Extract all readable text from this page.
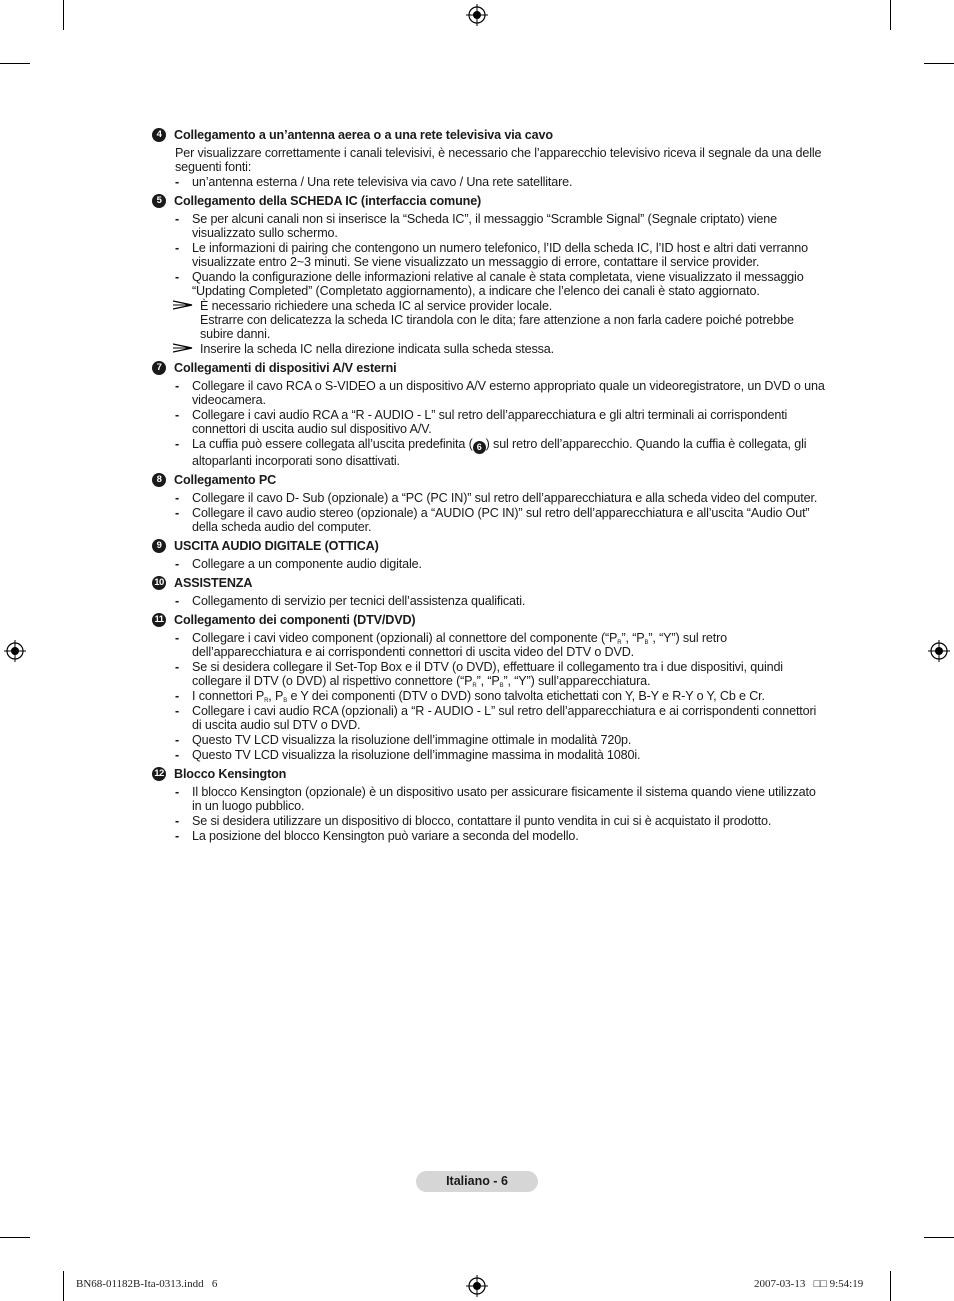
4	Collegamento a un’antenna aerea o a una rete televisiva via cavo
Per visualizzare correttamente i canali televisivi, è necessario che l’apparecchio televisivo riceva il segnale da una delle seguenti fonti:
-	un’antenna esterna / Una rete televisiva via cavo / Una rete satellitare.
5	Collegamento della SCHEDA IC (interfaccia comune)
-	Se per alcuni canali non si inserisce la “Scheda IC”, il messaggio “Scramble Signal” (Segnale criptato) viene visualizzato sullo schermo.
-	Le informazioni di pairing che contengono un numero telefonico, l’ID della scheda IC, l’ID host e altri dati verranno visualizzate entro 2~3 minuti. Se viene visualizzato un messaggio di errore, contattare il service provider.
-	Quando la configurazione delle informazioni relative al canale è stata completata, viene visualizzato il messaggio “Updating Completed” (Completato aggiornamento), a indicare che l’elenco dei canali è stato aggiornato.
È necessario richiedere una scheda IC al service provider locale.
Estrarre con delicatezza la scheda IC tirandola con le dita; fare attenzione a non farla cadere poiché potrebbe subire danni.
Inserire la scheda IC nella direzione indicata sulla scheda stessa.
7	Collegamenti di dispositivi A/V esterni
-	Collegare il cavo RCA o S-VIDEO a un dispositivo A/V esterno appropriato quale un videoregistratore, un DVD o una videocamera.
-	Collegare i cavi audio RCA a “R - AUDIO - L” sul retro dell’apparecchiatura e gli altri terminali ai corrispondenti connettori di uscita audio sul dispositivo A/V.
-	La cuffia può essere collegata all’uscita predefinita ( 6 ) sul retro dell’apparecchio. Quando la cuffia è collegata, gli altoparlanti incorporati sono disattivati.
8	Collegamento PC
-	Collegare il cavo D- Sub (opzionale) a “PC (PC IN)” sul retro dell’apparecchiatura e alla scheda video del computer.
-	Collegare il cavo audio stereo (opzionale) a “AUDIO (PC IN)” sul retro dell’apparecchiatura e all’uscita “Audio Out” della scheda audio del computer.
9	USCITA AUDIO DIGITALE (OTTICA)
-	Collegare a un componente audio digitale.
10 ASSISTENZA
-	Collegamento di servizio per tecnici dell’assistenza qualificati.
11 Collegamento dei componenti (DTV/DVD)
-	Collegare i cavi video component (opzionali) al connettore del componente (“$P_R$”, “$P_B$”, “Y”) sul retro dell’apparecchiatura e ai corrispondenti connettori di uscita video del DTV o DVD.
-	Se si desidera collegare il Set-Top Box e il DTV (o DVD), effettuare il collegamento tra i due dispositivi, quindi collegare il DTV (o DVD) al rispettivo connettore (“$P_R$”, “$P_B$”, “Y”) sull’apparecchiatura.
-	I connettori $P_R$, $P_B$ e Y dei componenti (DTV o DVD) sono talvolta etichettati con Y, B-Y e R-Y o Y, Cb e Cr.
-	Collegare i cavi audio RCA (opzionali) a “R - AUDIO - L” sul retro dell’apparecchiatura e ai corrispondenti connettori di uscita audio sul DTV o DVD.
-	Questo TV LCD visualizza la risoluzione dell’immagine ottimale in modalità 720p.
-	Questo TV LCD visualizza la risoluzione dell’immagine massima in modalità 1080i.
12 Blocco Kensington
-	Il blocco Kensington (opzionale) è un dispositivo usato per assicurare fisicamente il sistema quando viene utilizzato in un luogo pubblico.
-	Se si desidera utilizzare un dispositivo di blocco, contattare il punto vendita in cui si è acquistato il prodotto.
-	La posizione del blocco Kensington può variare a seconda del modello.
Italiano - 6
BN68-01182B-Ita-0313.indd   6	2007-03-13   □□ 9:54:19
